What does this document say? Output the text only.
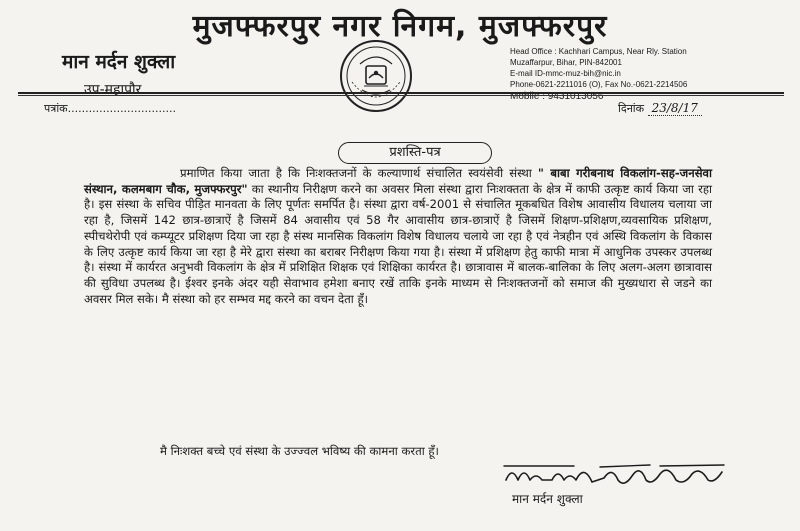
मुजफ्फरपुर नगर निगम, मुजफ्फरपुर
मान मर्दन शुक्ला
उप-महापौर
Head Office : Kachhari Campus, Near Rly. Station
Muzaffarpur, Bihar, PIN-842001
E-mail ID-mmc-muz-bih@nic.in
Phone-0621-2211016 (O), Fax No.-0621-2214506
Mobile : 9431013056
पत्रांक...............................	दिनांक 23/8/17
प्रशस्ति-पत्र

प्रमाणित किया जाता है कि निःशक्तजनों के कल्याणार्थ संचालित स्वयंसेवी संस्था " बाबा गरीबनाथ विकलांग-सह-जनसेवा संस्थान, कलमबाग चौक, मुजफ्फरपुर" का स्थानीय निरीक्षण करने का अवसर मिला संस्था द्वारा निःशक्तता के क्षेत्र में काफी उत्कृष्ट कार्य किया जा रहा है। इस संस्था के सचिव पीड़ित मानवता के लिए पूर्णतः समर्पित है। संस्था द्वारा वर्ष-2001 से संचालित मूकबधित विशेष आवासीय विधालय चलाया जा रहा है, जिसमें 142 छात्र-छात्राऐं है जिसमें 84 अवासीय एवं 58 गैर आवासीय छात्र-छात्राऐं है जिसमें शिक्षण-प्रशिक्षण,व्यवसायिक प्रशिक्षण, स्पीचथेरोपी एवं कम्प्यूटर प्रशिक्षण दिया जा रहा है संस्थ मानसिक विकलांग विशेष विधालय चलाये जा रहा है एवं नेत्रहीन एवं अस्थि विकलांग के विकास के लिए उत्कृष्ट कार्य किया जा रहा है मेरे द्वारा संस्था का बराबर निरीक्षण किया गया है। संस्था में प्रशिक्षण हेतु काफी मात्रा में आधुनिक उपस्कर उपलब्ध है। संस्था में कार्यरत अनुभवी विकलांग के क्षेत्र में प्रशिक्षित शिक्षक एवं शिक्षिका कार्यरत है। छात्रावास में बालक-बालिका के लिए अलग-अलग छात्रावास की सुविधा उपलब्ध है। ईश्वर इनके अंदर यही सेवाभाव हमेशा बनाए रखें ताकि इनके माध्यम से निःशक्तजनों को समाज की मुख्यधारा से जडने का अवसर मिल सके। मै संस्था को हर सम्भव मद्द करने का वचन देता हूँ।

मै निःशक्त बच्चे एवं संस्था के उज्ज्वल भविष्य की कामना करता हूँ।
मान मर्दन शुक्ला
